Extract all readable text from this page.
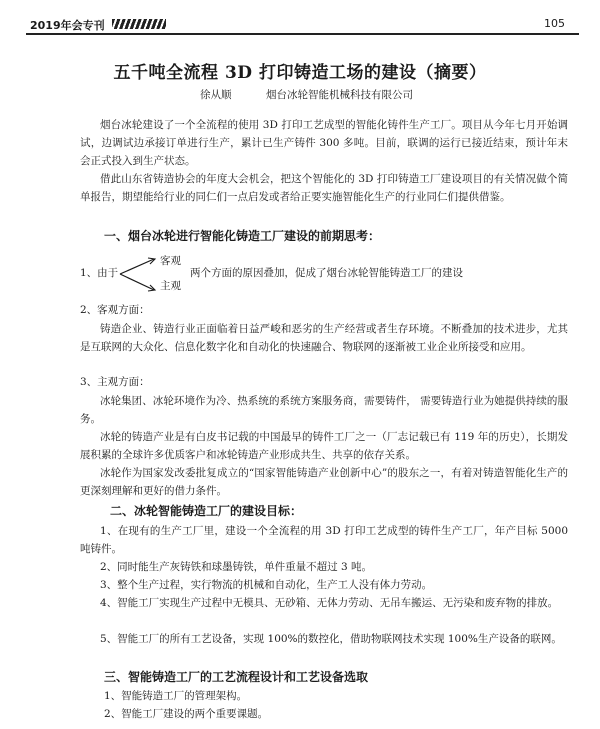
2019年会专刊	105
五千吨全流程 3D 打印铸造工场的建设（摘要）
徐从顺	烟台冰轮智能机械科技有限公司

烟台冰轮建设了一个全流程的使用 3D 打印工艺成型的智能化铸件生产工厂。项目从今年七月开始调试，边调试边承接订单进行生产，累计已生产铸件 300 多吨。目前，联调的运行已接近结束，预计年末会正式投入到生产状态。

借此山东省铸造协会的年度大会机会，把这个智能化的 3D 打印铸造工厂建设项目的有关情况做个简单报告，期望能给行业的同仁们一点启发或者给正要实施智能化生产的行业同仁们提供借鉴。

一、烟台冰轮进行智能化铸造工厂建设的前期思考：
1、由于
客观
主观
两个方面的原因叠加，促成了烟台冰轮智能铸造工厂的建设
2、客观方面：

铸造企业、铸造行业正面临着日益严峻和恶劣的生产经营或者生存环境。不断叠加的技术进步，尤其是互联网的大众化、信息化数字化和自动化的快速融合、物联网的逐渐被工业企业所接受和应用。

3、主观方面：

冰轮集团、冰轮环境作为冷、热系统的系统方案服务商，需要铸件， 需要铸造行业为她提供持续的服务。

冰轮的铸造产业是有白皮书记载的中国最早的铸件工厂之一（厂志记载已有 119 年的历史），长期发展积累的全球许多优质客户和冰轮铸造产业形成共生、共享的依存关系。

冰轮作为国家发改委批复成立的“国家智能铸造产业创新中心”的股东之一，有着对铸造智能化生产的更深刻理解和更好的借力条件。

二、冰轮智能铸造工厂的建设目标：

1、在现有的生产工厂里，建设一个全流程的用 3D 打印工艺成型的铸件生产工厂，年产目标 5000 吨铸件。

2、同时能生产灰铸铁和球墨铸铁，单件重量不超过 3 吨。

3、整个生产过程，实行物流的机械和自动化，生产工人没有体力劳动。

4、智能工厂实现生产过程中无模具、无砂箱、无体力劳动、无吊车搬运、无污染和废弃物的排放。

5、智能工厂的所有工艺设备，实现 100%的数控化，借助物联网技术实现 100%生产设备的联网。

三、智能铸造工厂的工艺流程设计和工艺设备选取
1、智能铸造工厂的管理架构。
2、智能工厂建设的两个重要课题。
